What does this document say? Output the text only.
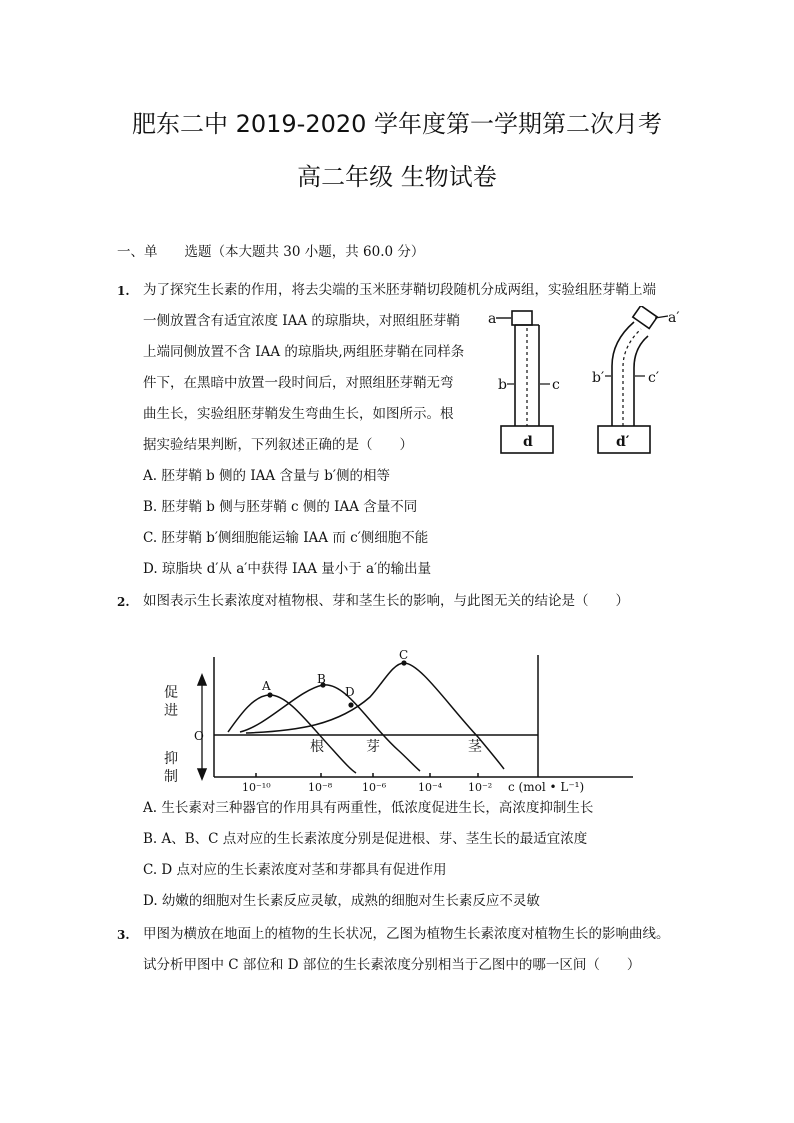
肥东二中 2019-2020 学年度第一学期第二次月考
高二年级 生物试卷
一、单　　选题（本大题共 30 小题，共 60.0 分）
1. 为了探究生长素的作用，将去尖端的玉米胚芽鞘切段随机分成两组，实验组胚芽鞘上端
一侧放置含有适宜浓度 IAA 的琼脂块，对照组胚芽鞘
上端同侧放置不含 IAA 的琼脂块,两组胚芽鞘在同样条
件下，在黑暗中放置一段时间后，对照组胚芽鞘无弯
曲生长，实验组胚芽鞘发生弯曲生长，如图所示。根
据实验结果判断，下列叙述正确的是（　　）
a
b	c
d
a′
b′	c′
d′
A. 胚芽鞘 b 侧的 IAA 含量与 b′侧的相等
B. 胚芽鞘 b 侧与胚芽鞘 c 侧的 IAA 含量不同
C. 胚芽鞘 b′侧细胞能运输 IAA 而 c′侧细胞不能
D. 琼脂块 d′从 a′中获得 IAA 量小于 a′的输出量
2. 如图表示生长素浓度对植物根、芽和茎生长的影响，与此图无关的结论是（　　）
促进
抑制
O
A	B
C
D
根	芽	茎
10⁻¹⁰	10⁻⁸	10⁻⁶	10⁻⁴ 10⁻² c (mol • L⁻¹)
A. 生长素对三种器官的作用具有两重性，低浓度促进生长，高浓度抑制生长
B. A、B、C 点对应的生长素浓度分别是促进根、芽、茎生长的最适宜浓度
C. D 点对应的生长素浓度对茎和芽都具有促进作用
D. 幼嫩的细胞对生长素反应灵敏，成熟的细胞对生长素反应不灵敏
3. 甲图为横放在地面上的植物的生长状况，乙图为植物生长素浓度对植物生长的影响曲线。
试分析甲图中 C 部位和 D 部位的生长素浓度分别相当于乙图中的哪一区间（　　）
